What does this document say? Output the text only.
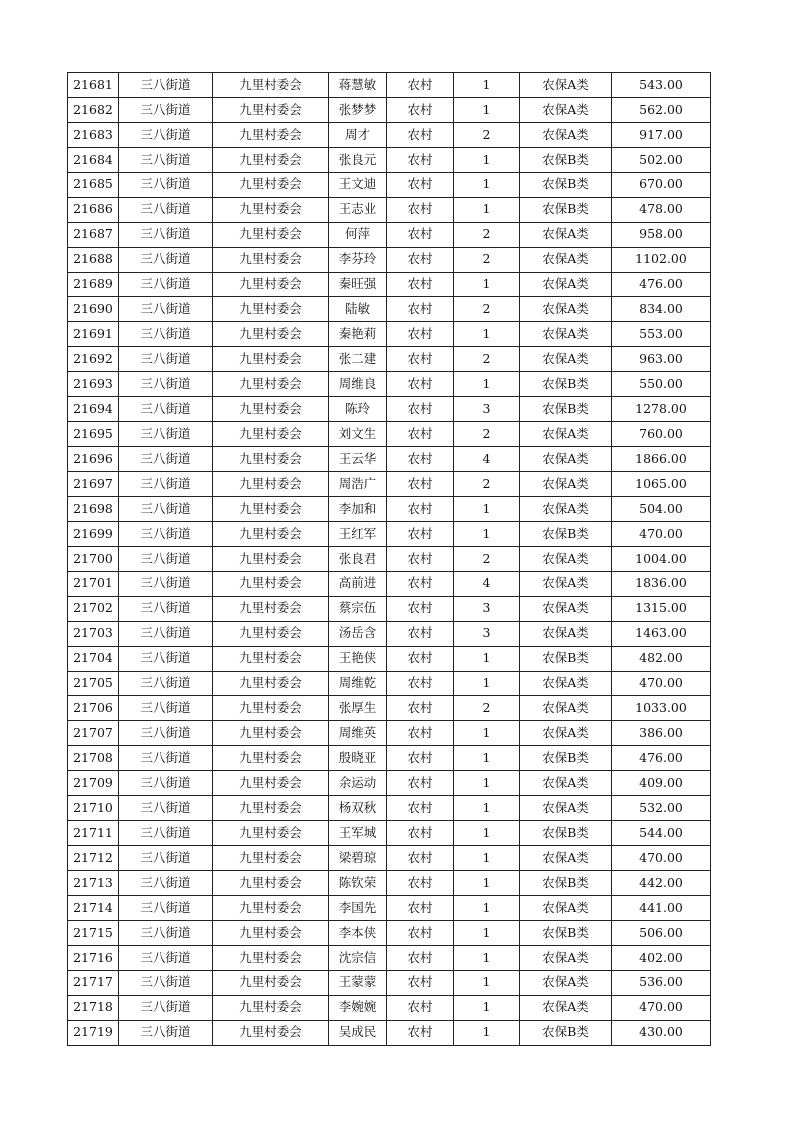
21681	三八街道	九里村委会	蒋慧敏	农村	1	农保A类	543.00
21682	三八街道	九里村委会	张梦梦	农村	1	农保A类	562.00
21683	三八街道	九里村委会	周才	农村	2	农保A类	917.00
21684	三八街道	九里村委会	张良元	农村	1	农保B类	502.00
21685	三八街道	九里村委会	王文迪	农村	1	农保B类	670.00
21686	三八街道	九里村委会	王志业	农村	1	农保B类	478.00
21687	三八街道	九里村委会	何萍	农村	2	农保A类	958.00
21688	三八街道	九里村委会	李芬玲	农村	2	农保A类	1102.00
21689	三八街道	九里村委会	秦旺强	农村	1	农保A类	476.00
21690	三八街道	九里村委会	陆敏	农村	2	农保A类	834.00
21691	三八街道	九里村委会	秦艳莉	农村	1	农保A类	553.00
21692	三八街道	九里村委会	张二建	农村	2	农保A类	963.00
21693	三八街道	九里村委会	周维良	农村	1	农保B类	550.00
21694	三八街道	九里村委会	陈玲	农村	3	农保B类	1278.00
21695	三八街道	九里村委会	刘文生	农村	2	农保A类	760.00
21696	三八街道	九里村委会	王云华	农村	4	农保A类	1866.00
21697	三八街道	九里村委会	周浩广	农村	2	农保A类	1065.00
21698	三八街道	九里村委会	李加和	农村	1	农保A类	504.00
21699	三八街道	九里村委会	王红军	农村	1	农保B类	470.00
21700	三八街道	九里村委会	张良君	农村	2	农保A类	1004.00
21701	三八街道	九里村委会	高前进	农村	4	农保A类	1836.00
21702	三八街道	九里村委会	蔡宗伍	农村	3	农保A类	1315.00
21703	三八街道	九里村委会	汤岳含	农村	3	农保A类	1463.00
21704	三八街道	九里村委会	王艳侠	农村	1	农保B类	482.00
21705	三八街道	九里村委会	周维乾	农村	1	农保A类	470.00
21706	三八街道	九里村委会	张厚生	农村	2	农保A类	1033.00
21707	三八街道	九里村委会	周维英	农村	1	农保A类	386.00
21708	三八街道	九里村委会	殷晓亚	农村	1	农保B类	476.00
21709	三八街道	九里村委会	余运动	农村	1	农保A类	409.00
21710	三八街道	九里村委会	杨双秋	农村	1	农保A类	532.00
21711	三八街道	九里村委会	王军城	农村	1	农保B类	544.00
21712	三八街道	九里村委会	梁碧琼	农村	1	农保A类	470.00
21713	三八街道	九里村委会	陈钦荣	农村	1	农保B类	442.00
21714	三八街道	九里村委会	李国先	农村	1	农保A类	441.00
21715	三八街道	九里村委会	李本侠	农村	1	农保B类	506.00
21716	三八街道	九里村委会	沈宗信	农村	1	农保A类	402.00
21717	三八街道	九里村委会	王蒙蒙	农村	1	农保A类	536.00
21718	三八街道	九里村委会	李婉婉	农村	1	农保A类	470.00
21719	三八街道	九里村委会	吴成民	农村	1	农保B类	430.00
